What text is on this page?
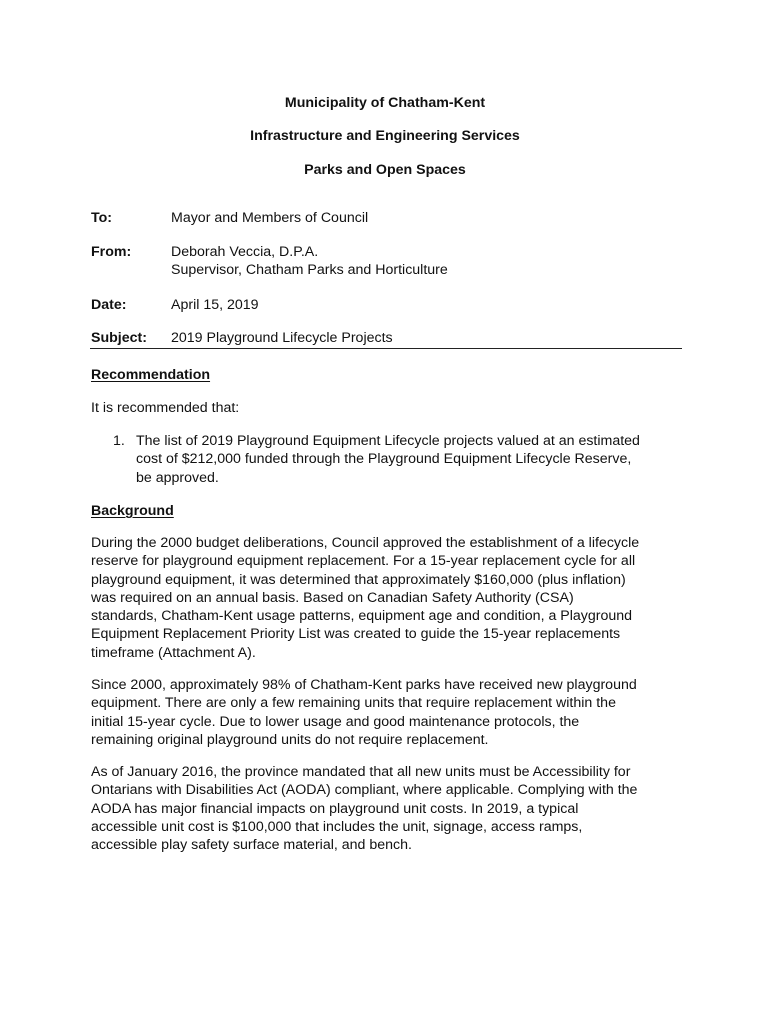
Municipality of Chatham-Kent
Infrastructure and Engineering Services
Parks and Open Spaces
To:	Mayor and Members of Council
From:	Deborah Veccia, D.P.A.
Supervisor, Chatham Parks and Horticulture
Date:	April 15, 2019
Subject: 2019 Playground Lifecycle Projects
Recommendation
It is recommended that:
1. The list of 2019 Playground Equipment Lifecycle projects valued at an estimated
cost of $212,000 funded through the Playground Equipment Lifecycle Reserve,
be approved.
Background
During the 2000 budget deliberations, Council approved the establishment of a lifecycle
reserve for playground equipment replacement. For a 15-year replacement cycle for all
playground equipment, it was determined that approximately $160,000 (plus inflation)
was required on an annual basis. Based on Canadian Safety Authority (CSA)
standards, Chatham-Kent usage patterns, equipment age and condition, a Playground
Equipment Replacement Priority List was created to guide the 15-year replacements
timeframe (Attachment A).
Since 2000, approximately 98% of Chatham-Kent parks have received new playground
equipment. There are only a few remaining units that require replacement within the
initial 15-year cycle. Due to lower usage and good maintenance protocols, the
remaining original playground units do not require replacement.
As of January 2016, the province mandated that all new units must be Accessibility for
Ontarians with Disabilities Act (AODA) compliant, where applicable. Complying with the
AODA has major financial impacts on playground unit costs. In 2019, a typical
accessible unit cost is $100,000 that includes the unit, signage, access ramps,
accessible play safety surface material, and bench.
